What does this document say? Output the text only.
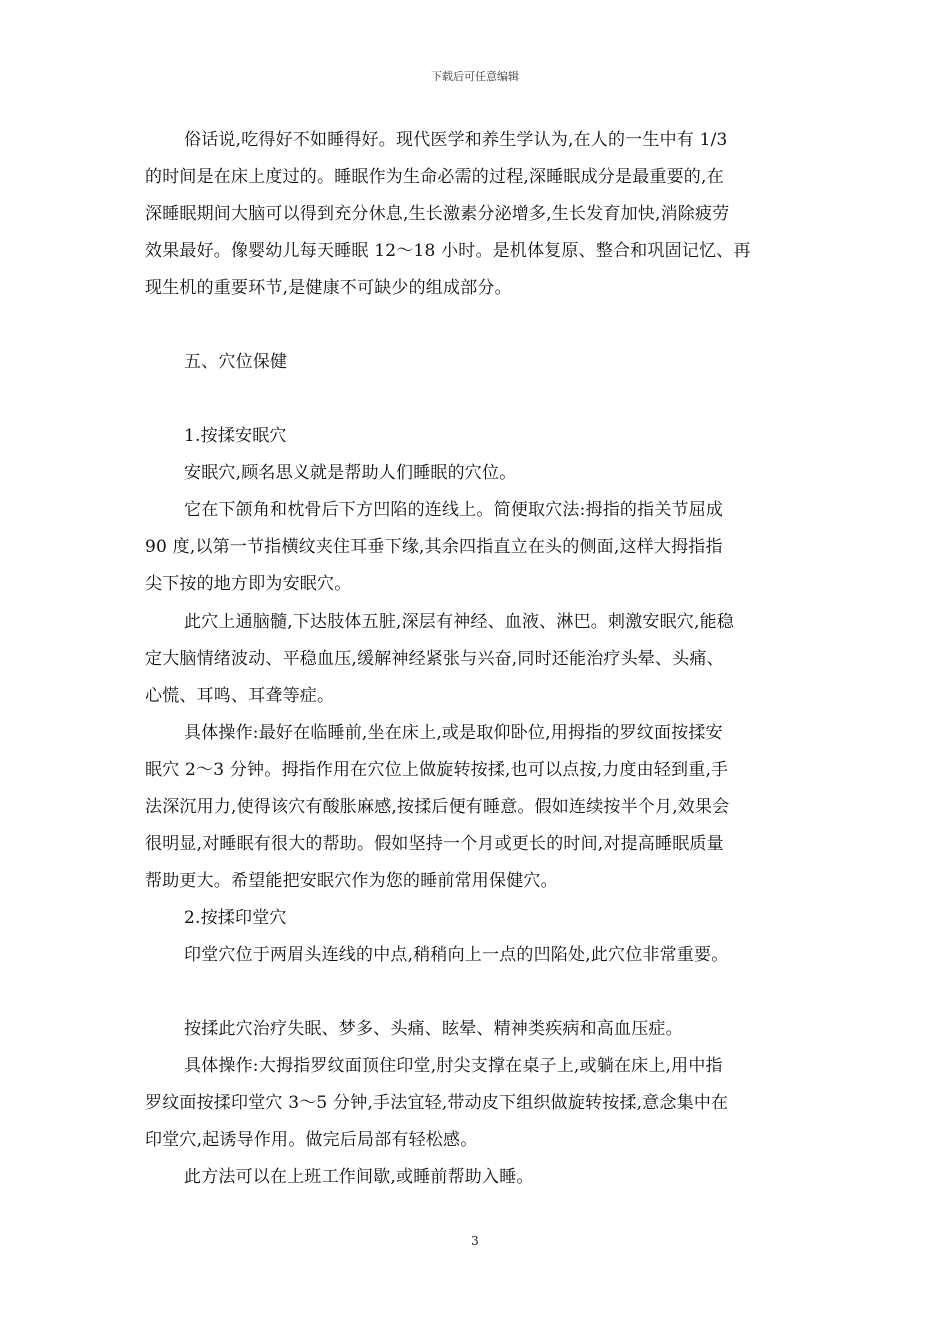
下载后可任意编辑
俗话说,吃得好不如睡得好。现代医学和养生学认为,在人的一生中有 1/3
的时间是在床上度过的。睡眠作为生命必需的过程,深睡眠成分是最重要的,在
深睡眠期间大脑可以得到充分休息,生长激素分泌增多,生长发育加快,消除疲劳
效果最好。像婴幼儿每天睡眠 12～18 小时。是机体复原、整合和巩固记忆、再
现生机的重要环节,是健康不可缺少的组成部分。
五、穴位保健
1.按揉安眠穴
安眠穴,顾名思义就是帮助人们睡眠的穴位。
它在下颌角和枕骨后下方凹陷的连线上。简便取穴法:拇指的指关节屈成
90 度,以第一节指横纹夹住耳垂下缘,其余四指直立在头的侧面,这样大拇指指
尖下按的地方即为安眠穴。
此穴上通脑髓,下达肢体五脏,深层有神经、血液、淋巴。刺激安眠穴,能稳
定大脑情绪波动、平稳血压,缓解神经紧张与兴奋,同时还能治疗头晕、头痛、
心慌、耳鸣、耳聋等症。
具体操作:最好在临睡前,坐在床上,或是取仰卧位,用拇指的罗纹面按揉安
眠穴 2～3 分钟。拇指作用在穴位上做旋转按揉,也可以点按,力度由轻到重,手
法深沉用力,使得该穴有酸胀麻感,按揉后便有睡意。假如连续按半个月,效果会
很明显,对睡眠有很大的帮助。假如坚持一个月或更长的时间,对提高睡眠质量
帮助更大。希望能把安眠穴作为您的睡前常用保健穴。
2.按揉印堂穴
印堂穴位于两眉头连线的中点,稍稍向上一点的凹陷处,此穴位非常重要。
按揉此穴治疗失眠、梦多、头痛、眩晕、精神类疾病和高血压症。
具体操作:大拇指罗纹面顶住印堂,肘尖支撑在桌子上,或躺在床上,用中指
罗纹面按揉印堂穴 3～5 分钟,手法宜轻,带动皮下组织做旋转按揉,意念集中在
印堂穴,起诱导作用。做完后局部有轻松感。
此方法可以在上班工作间歇,或睡前帮助入睡。
3
